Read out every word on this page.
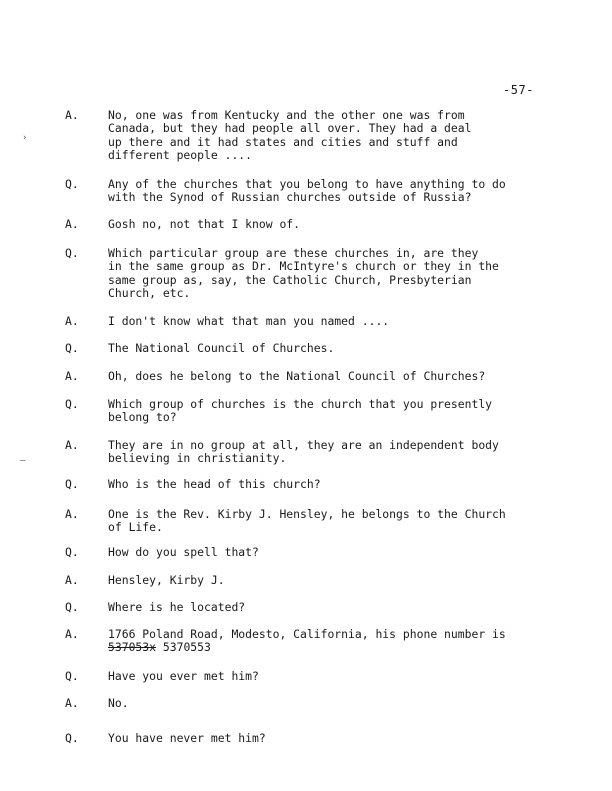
-57-
›
—
A.	No, one was from Kentucky and the other one was from
Canada, but they had people all over. They had a deal
up there and it had states and cities and stuff and
different people ....
Q.	Any of the churches that you belong to have anything to do
with the Synod of Russian churches outside of Russia?
A.	Gosh no, not that I know of.
Q.	Which particular group are these churches in, are they
in the same group as Dr. McIntyre's church or they in the
same group as, say, the Catholic Church, Presbyterian
Church, etc.
A.	I don't know what that man you named ....
Q.	The National Council of Churches.
A.	Oh, does he belong to the National Council of Churches?
Q.	Which group of churches is the church that you presently
belong to?
A.	They are in no group at all, they are an independent body
believing in christianity.
Q.	Who is the head of this church?
A.	One is the Rev. Kirby J. Hensley, he belongs to the Church
of Life.
Q.	How do you spell that?
A.	Hensley, Kirby J.
Q.	Where is he located?
A.	1766 Poland Road, Modesto, California, his phone number is
537053x 5370553
Q.	Have you ever met him?
A.	No.
Q.	You have never met him?
